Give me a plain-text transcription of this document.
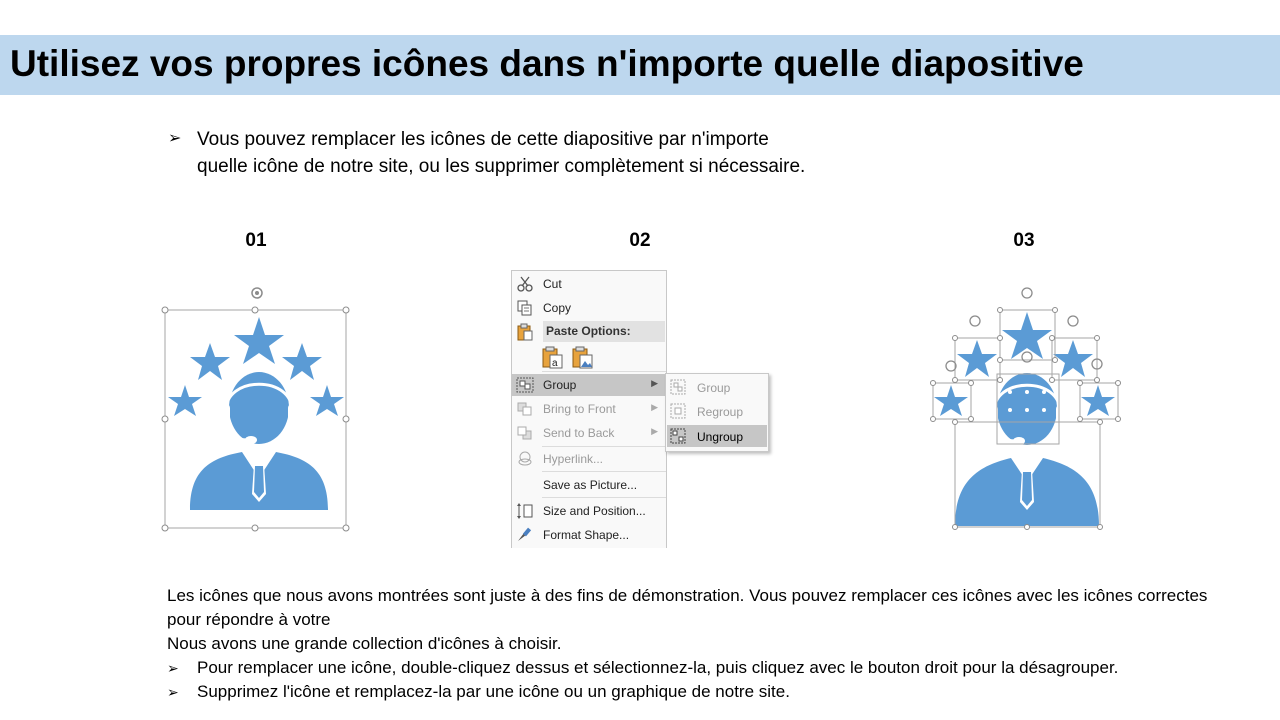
Utilisez vos propres icônes dans n'importe quelle diapositive
➢ Vous pouvez remplacer les icônes de cette diapositive par n'importe
quelle icône de notre site, ou les supprimer complètement si nécessaire.
01	02	03
Cut
Copy
Paste Options:
a
Group	▶
Bring to Front	▶
Send to Back	▶
Hyperlink...
Save as Picture...
Size and Position...
Format Shape...
Group
Regroup
Ungroup

Les icônes que nous avons montrées sont juste à des fins de démonstration. Vous pouvez remplacer ces icônes avec les icônes correctes pour répondre à votre

Nous avons une grande collection d'icônes à choisir.

➢ Pour remplacer une icône, double-cliquez dessus et sélectionnez-la, puis cliquez avec le bouton droit pour la désagrouper.
➢ Supprimez l'icône et remplacez-la par une icône ou un graphique de notre site.
